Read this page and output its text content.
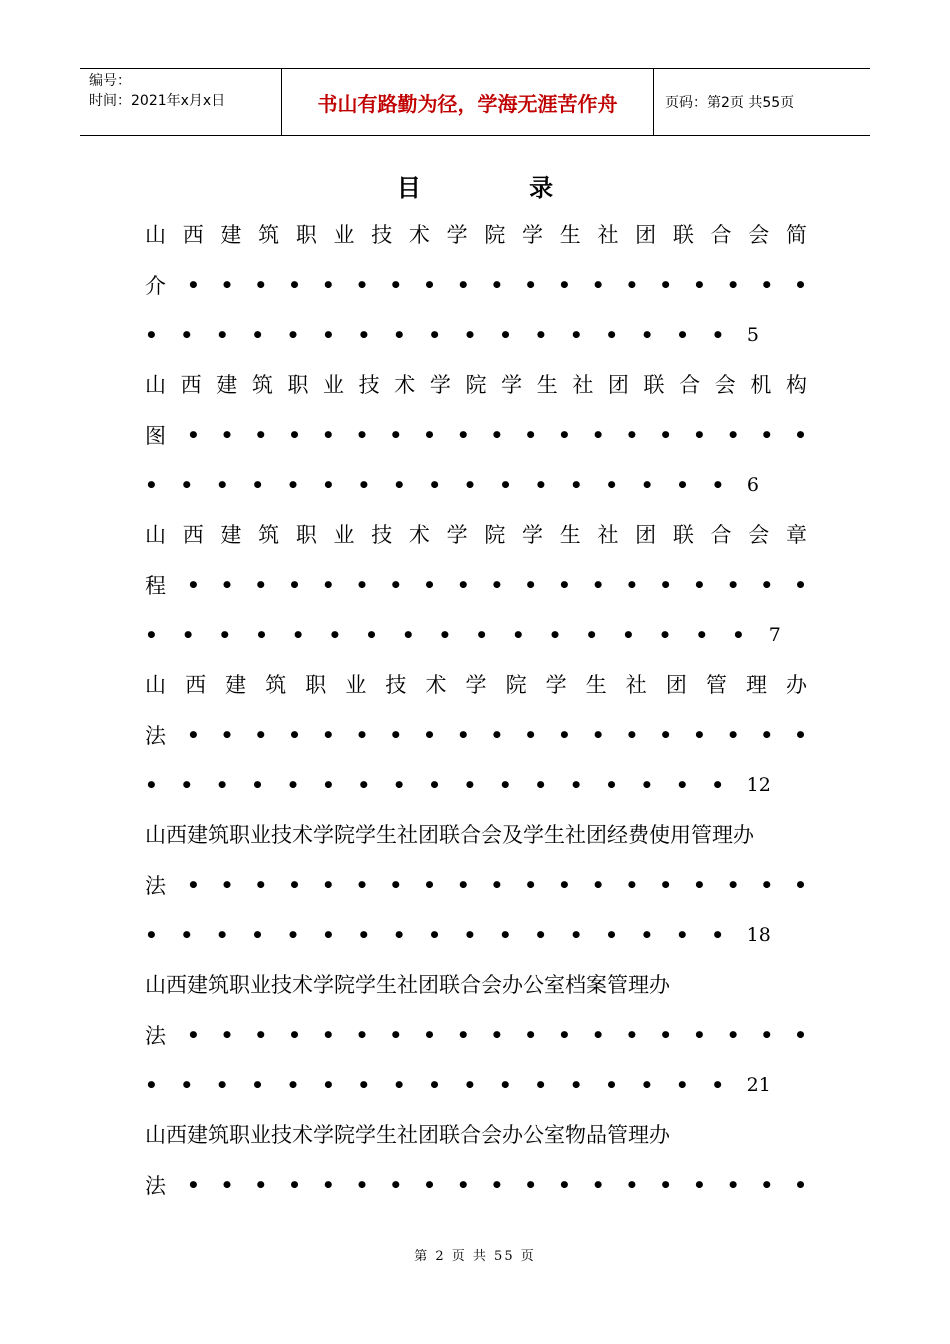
编号：
时间：2021年x月x日	书山有路勤为径，学海无涯苦作舟	页码：第2页 共55页
目 录
山 西 建 筑 职 业 技 术 学 院 学 生 社 团 联 合 会 简
介 • • • • • • • • • • • • • • • • • • •
• • • • • • • • • • • • • • • • • 5
山 西 建 筑 职 业 技 术 学 院 学 生 社 团 联 合 会 机 构
图 • • • • • • • • • • • • • • • • • • •
• • • • • • • • • • • • • • • • • 6
山 西 建 筑 职 业 技 术 学 院 学 生 社 团 联 合 会 章
程 • • • • • • • • • • • • • • • • • • •
• • • • • • • • • • • • • • • • • 7
山 西 建 筑 职 业 技 术 学 院 学 生 社 团 管 理 办
法 • • • • • • • • • • • • • • • • • • •
• • • • • • • • • • • • • • • • • 12
山西建筑职业技术学院学生社团联合会及学生社团经费使用管理办
法 • • • • • • • • • • • • • • • • • • •
• • • • • • • • • • • • • • • • • 18
山西建筑职业技术学院学生社团联合会办公室档案管理办
法 • • • • • • • • • • • • • • • • • • •
• • • • • • • • • • • • • • • • • 21
山西建筑职业技术学院学生社团联合会办公室物品管理办
法 • • • • • • • • • • • • • • • • • • •
第 2 页 共 55 页
